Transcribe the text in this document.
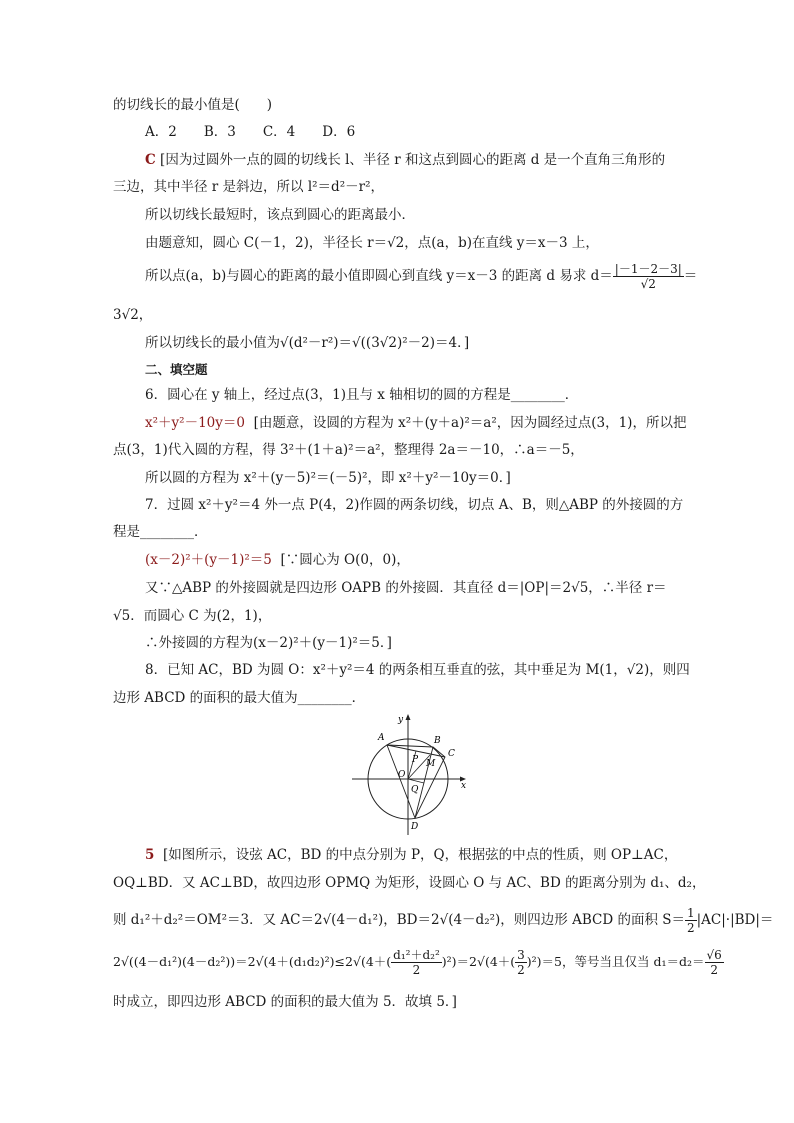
的切线长的最小值是(　　)
A．2　　B．3　　C．4　　D．6
C [因为过圆外一点的圆的切线长 l、半径 r 和这点到圆心的距离 d 是一个直角三角形的
三边，其中半径 r 是斜边，所以 l²＝d²－r²，
所以切线长最短时，该点到圆心的距离最小．
由题意知，圆心 C(－1，2)，半径长 r＝√2，点(a，b)在直线 y＝x－3 上，
所以点(a，b)与圆心的距离的最小值即圆心到直线 y＝x－3 的距离 d 易求 $d= \frac{|-1-2-3|}{√2}$ ＝
3√2，
所以切线长的最小值为√(d²－r²)＝√((3√2)²－2)＝4．]
二、填空题
6．圆心在 y 轴上，经过点(3，1)且与 x 轴相切的圆的方程是________．
x²＋y²－10y＝0 [由题意，设圆的方程为 x²＋(y＋a)²＝a²，因为圆经过点(3，1)，所以把
点(3，1)代入圆的方程，得 3²＋(1＋a)²＝a²，整理得 2a＝－10，∴a＝－5，
所以圆的方程为 x²＋(y－5)²＝(－5)²，即 x²＋y²－10y＝0．]
7．过圆 x²＋y²＝4 外一点 P(4，2)作圆的两条切线，切点 A、B，则△ABP 的外接圆的方
程是________．
(x－2)²＋(y－1)²＝5 [∵圆心为 O(0，0)，
又∵△ABP 的外接圆就是四边形 OAPB 的外接圆．其直径 d＝|OP|＝2√5，∴半径 r＝
√5．而圆心 C 为(2，1)，
∴外接圆的方程为(x－2)²＋(y－1)²＝5．]
8．已知 AC，BD 为圆 O：x²＋y²＝4 的两条相互垂直的弦，其中垂足为 M(1，√2)，则四
边形 ABCD 的面积的最大值为________．
y
x
A	B
C
P M
O
Q
D
5 [如图所示，设弦 AC，BD 的中点分别为 P，Q，根据弦的中点的性质，则 OP⊥AC，
OQ⊥BD．又 AC⊥BD，故四边形 OPMQ 为矩形，设圆心 O 与 AC、BD 的距离分别为 d₁、d₂，
则 d₁²＋d₂²＝OM²＝3．又 AC＝2√(4－d₁²)，BD＝2√(4－d₂²)，则四边形 ABCD 的面积 $S= \frac{1}{2} |AC|\cdot|BD|=$
$2√((4-d_1^2)(4-d_2^2))=2√(4+(d_1d_2)^2)\le 2√(4+( \frac{\text{d₁²＋d₂²}}{2} )^2)=2√(4+( \frac{3}{2} )^2)=5$，等号当且仅当 $d_1=d_2= \frac{√6}{2}$
时成立，即四边形 ABCD 的面积的最大值为 5．故填 5．]
